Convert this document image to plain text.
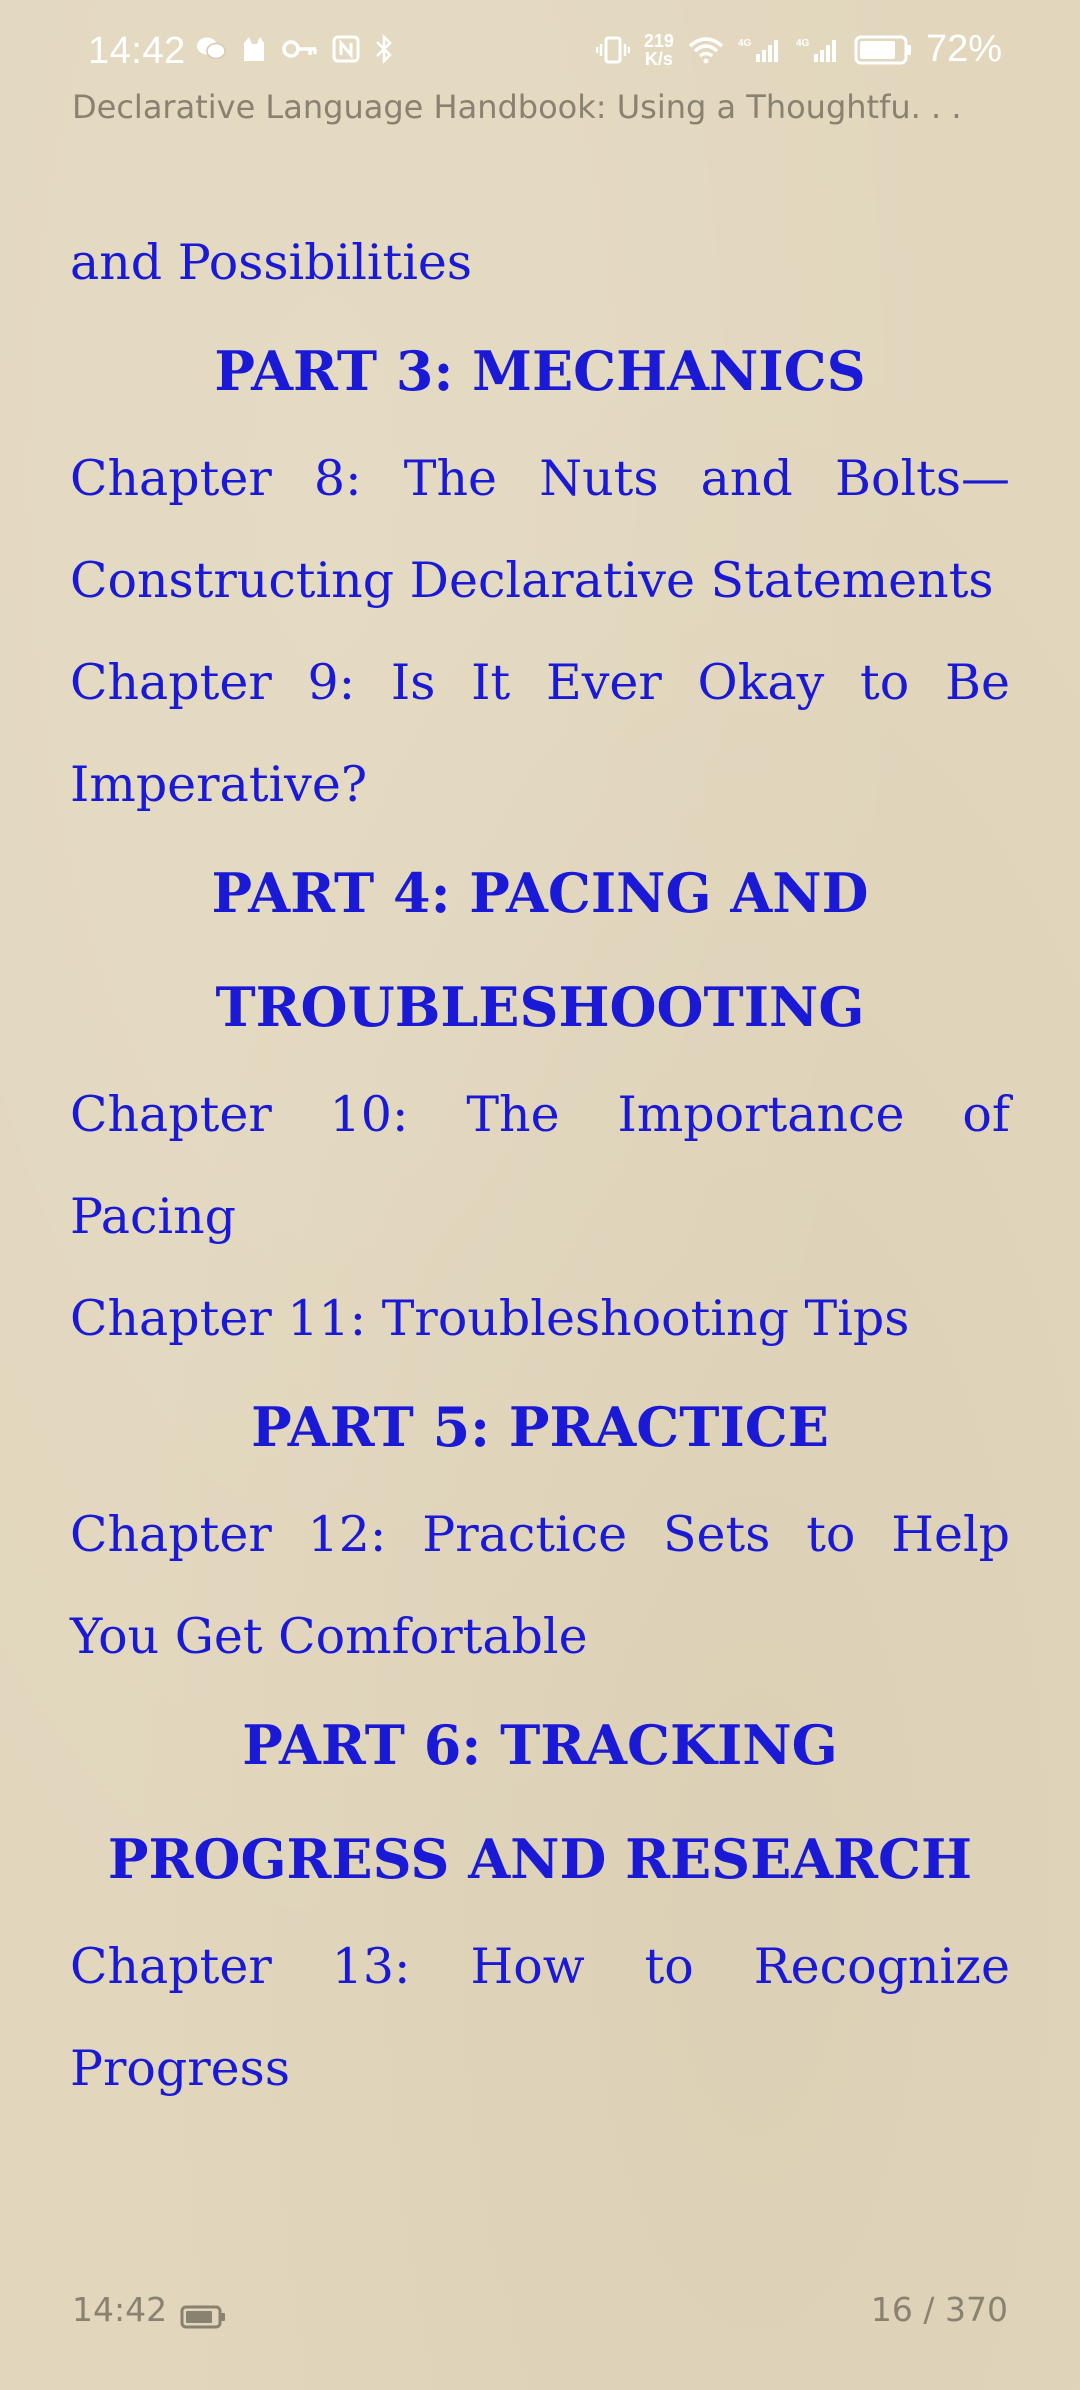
14:42	219
K/s
4G	4G	72%
Declarative Language Handbook: Using a Thoughtfu. . .

and Possibilities

PART 3: MECHANICS

Chapter 8: The Nuts and Bolts—Constructing Declarative Statements

Chapter 9: Is It Ever Okay to Be Imperative?

PART 4: PACING AND TROUBLESHOOTING

Chapter 10: The Importance of Pacing

Chapter 11: Troubleshooting Tips

PART 5: PRACTICE

Chapter 12: Practice Sets to Help You Get Comfortable

PART 6: TRACKING PROGRESS AND RESEARCH

Chapter 13: How to Recognize Progress

14:42	16 / 370
